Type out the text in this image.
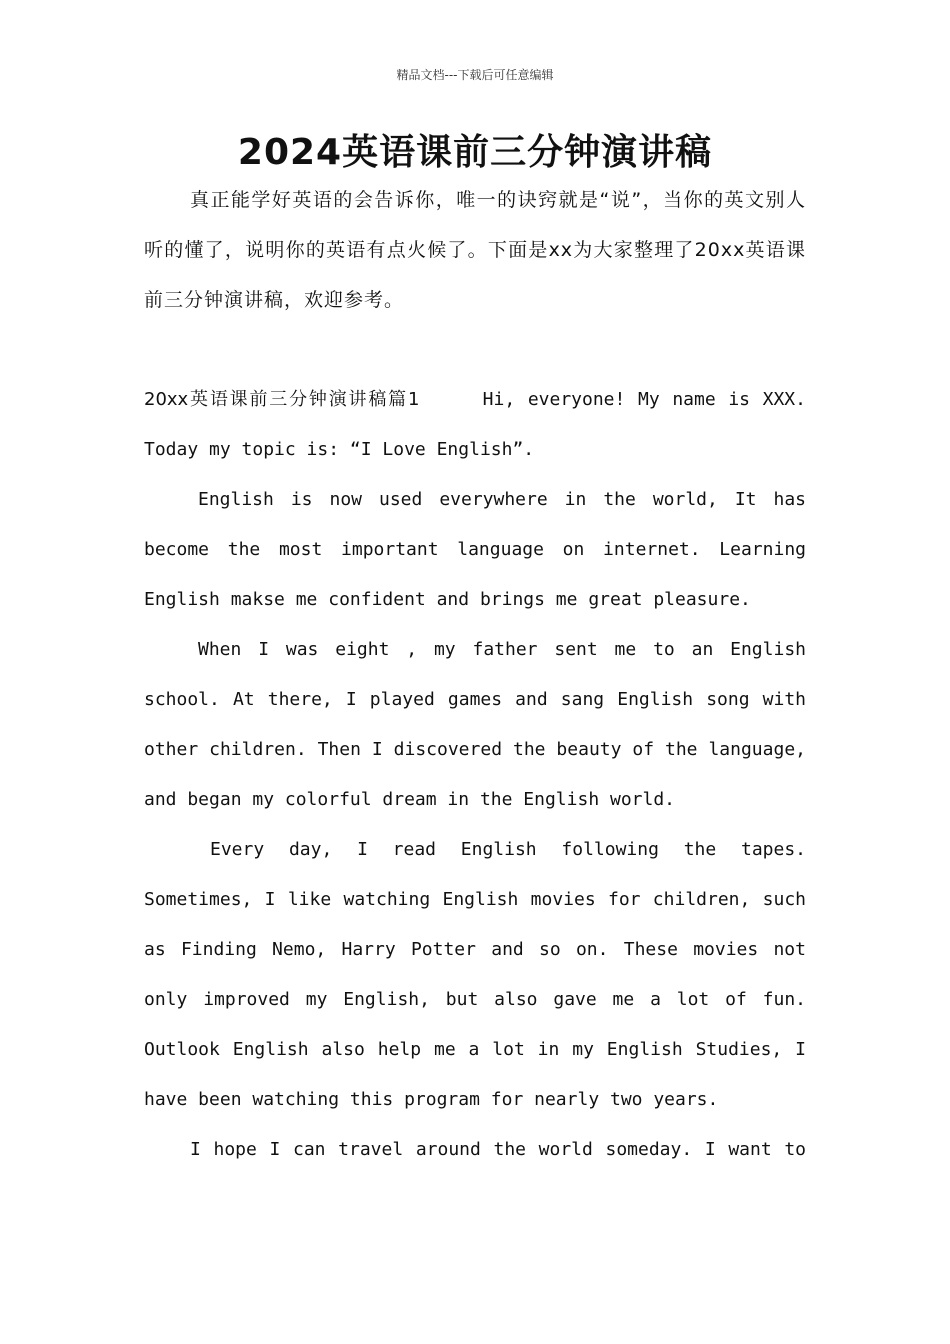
精品文档---下载后可任意编辑
2024英语课前三分钟演讲稿

真正能学好英语的会告诉你，唯一的诀窍就是“说”，当你的英文别人听的懂了，说明你的英语有点火候了。下面是xx为大家整理了20xx英语课前三分钟演讲稿，欢迎参考。

20xx英语课前三分钟演讲稿篇1	Hi, everyone! My name is XXX. Today my topic is: “I Love English”.

English is now used everywhere in the world, It has become the most important language on internet. Learning English makse me confident and brings me great pleasure.

When I was eight , my father sent me to an English school. At there, I played games and sang English song with other children. Then I discovered the beauty of the language, and began my colorful dream in the English world.

Every day, I read English following the tapes. Sometimes, I like watching English movies for children, such as Finding Nemo, Harry Potter and so on. These movies not only improved my English, but also gave me a lot of fun. Outlook English also help me a lot in my English Studies, I have been watching this program for nearly two years.

I hope I can travel around the world someday. I want to
